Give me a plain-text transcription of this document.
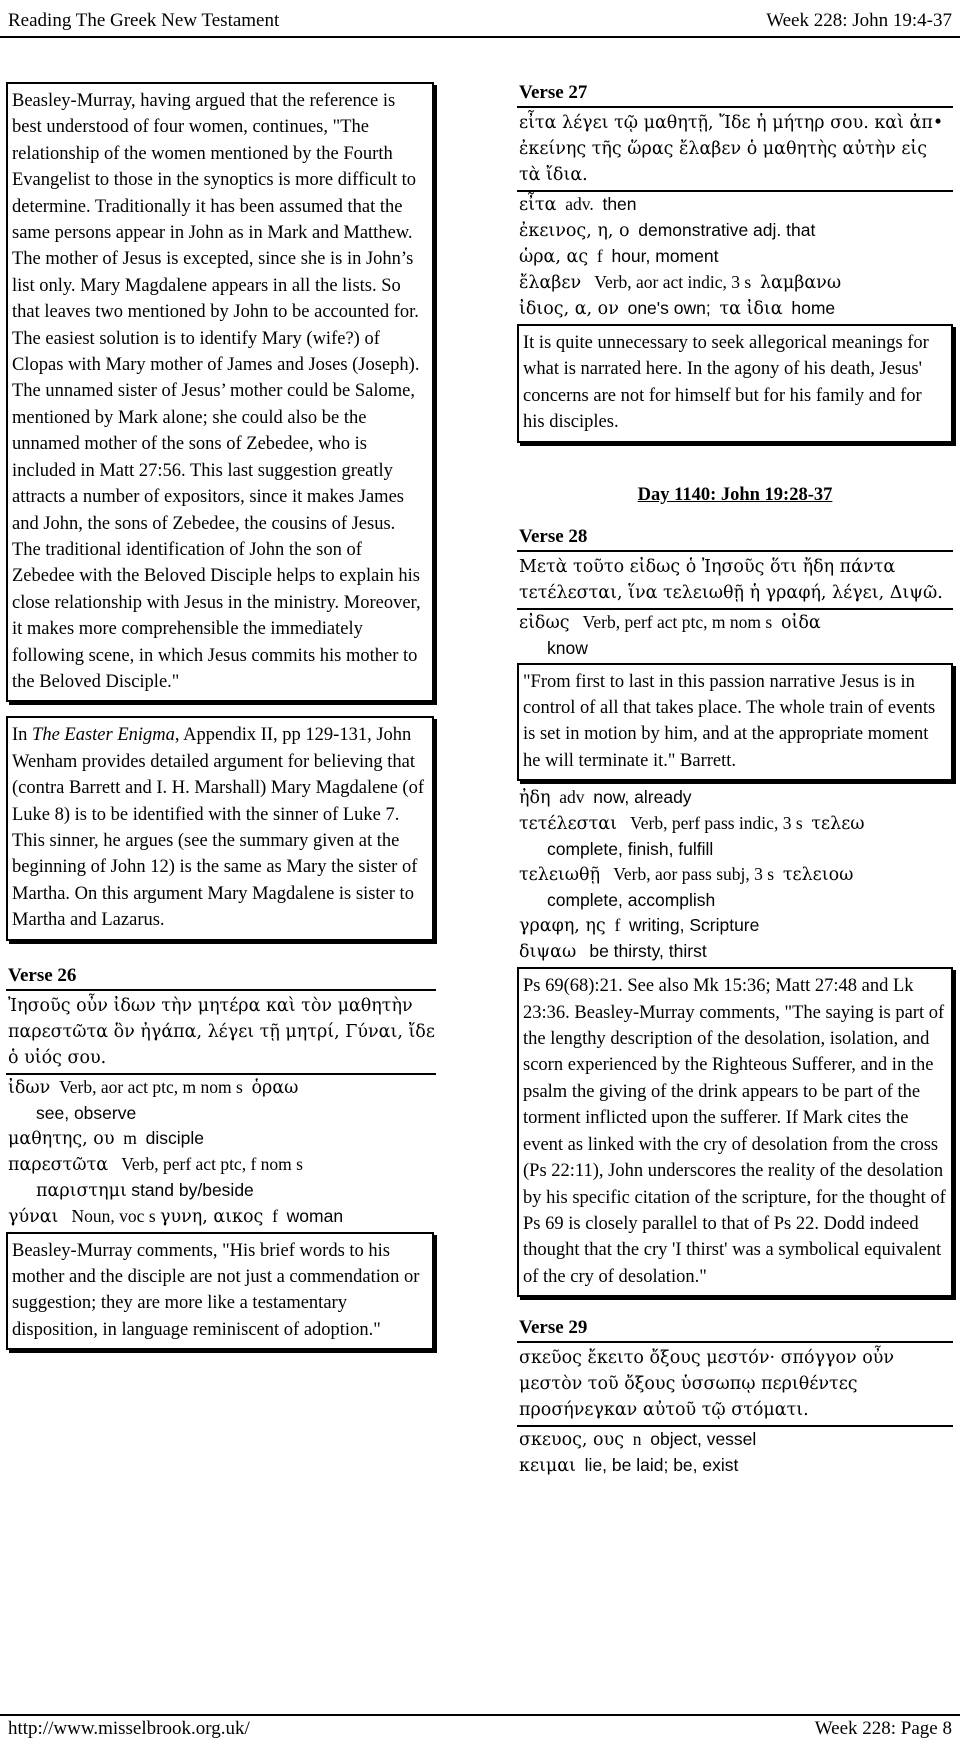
Reading The Greek New Testament	Week 228: John 19:4-37
Beasley-Murray, having argued that the reference is best understood of four women, continues, "The relationship of the women mentioned by the Fourth Evangelist to those in the synoptics is more difficult to determine. Traditionally it has been assumed that the same persons appear in John as in Mark and Matthew. The mother of Jesus is excepted, since she is in John’s list only. Mary Magdalene appears in all the lists. So that leaves two mentioned by John to be accounted for. The easiest solution is to identify Mary (wife?) of Clopas with Mary mother of James and Joses (Joseph). The unnamed sister of Jesus’ mother could be Salome, mentioned by Mark alone; she could also be the unnamed mother of the sons of Zebedee, who is included in Matt 27:56. This last suggestion greatly attracts a number of expositors, since it makes James and John, the sons of Zebedee, the cousins of Jesus. The traditional identification of John the son of Zebedee with the Beloved Disciple helps to explain his close relationship with Jesus in the ministry. Moreover, it makes more comprehensible the immediately following scene, in which Jesus commits his mother to the Beloved Disciple."
In The Easter Enigma, Appendix II, pp 129-131, John Wenham provides detailed argument for believing that (contra Barrett and I. H. Marshall) Mary Magdalene (of Luke 8) is to be identified with the sinner of Luke 7. This sinner, he argues (see the summary given at the beginning of John 12) is the same as Mary the sister of Martha. On this argument Mary Magdalene is sister to Martha and Lazarus.
Verse 26
Ἰησοῦς οὖν ἰδων τὴν μητέρα καὶ τὸν μαθητὴν παρεστῶτα ὃν ἠγάπα, λέγει τῇ μητρί, Γύναι, ἴδε ὁ υἱός σου.
ἰδων Verb, aor act ptc, m nom s ὁραω
see, observe
μαθητης, ου m disciple
παρεστῶτα Verb, perf act ptc, f nom s
παριστημι stand by/beside
γύναι Noun, voc s γυνη, αικος f woman
Beasley-Murray comments, "His brief words to his mother and the disciple are not just a commendation or suggestion; they are more like a testamentary disposition, in language reminiscent of adoption."
Verse 27
εἶτα λέγει τῷ μαθητῇ, Ἴδε ἡ μήτηρ σου. καὶ ἀπ• ἐκείνης τῆς ὥρας ἔλαβεν ὁ μαθητὴς αὐτὴν εἰς τὰ ἴδια.
εἶτα adv. then
ἐκεινος, η, ο demonstrative adj. that
ὡρα, ας f hour, moment
ἔλαβεν Verb, aor act indic, 3 s λαμβανω
ἰδιος, α, ον one's own; τα ἰδια home
It is quite unnecessary to seek allegorical meanings for what is narrated here. In the agony of his death, Jesus' concerns are not for himself but for his family and for his disciples.
Day 1140: John 19:28-37
Verse 28
Μετὰ τοῦτο εἰδως ὁ Ἰησοῦς ὅτι ἤδη πάντα τετέλεσται, ἵνα τελειωθῇ ἡ γραφή, λέγει, Διψῶ.
εἰδως Verb, perf act ptc, m nom s οἰδα
know
"From first to last in this passion narrative Jesus is in control of all that takes place. The whole train of events is set in motion by him, and at the appropriate moment he will terminate it." Barrett.
ἠδη adv now, already
τετέλεσται Verb, perf pass indic, 3 s τελεω
complete, finish, fulfill
τελειωθῇ Verb, aor pass subj, 3 s τελειοω
complete, accomplish
γραφη, ης f writing, Scripture
διψαω be thirsty, thirst
Ps 69(68):21. See also Mk 15:36; Matt 27:48 and Lk 23:36. Beasley-Murray comments, "The saying is part of the lengthy description of the desolation, isolation, and scorn experienced by the Righteous Sufferer, and in the psalm the giving of the drink appears to be part of the torment inflicted upon the sufferer. If Mark cites the event as linked with the cry of desolation from the cross (Ps 22:11), John underscores the reality of the desolation by his specific citation of the scripture, for the thought of Ps 69 is closely parallel to that of Ps 22. Dodd indeed thought that the cry 'I thirst' was a symbolical equivalent of the cry of desolation."
Verse 29
σκεῦος ἔκειτο ὄξους μεστόν· σπόγγον οὖν μεστὸν τοῦ ὄξους ὑσσωπῳ περιθέντες προσήνεγκαν αὐτοῦ τῷ στόματι.
σκευος, ους n object, vessel
κειμαι lie, be laid; be, exist
http://www.misselbrook.org.uk/	Week 228: Page 8
